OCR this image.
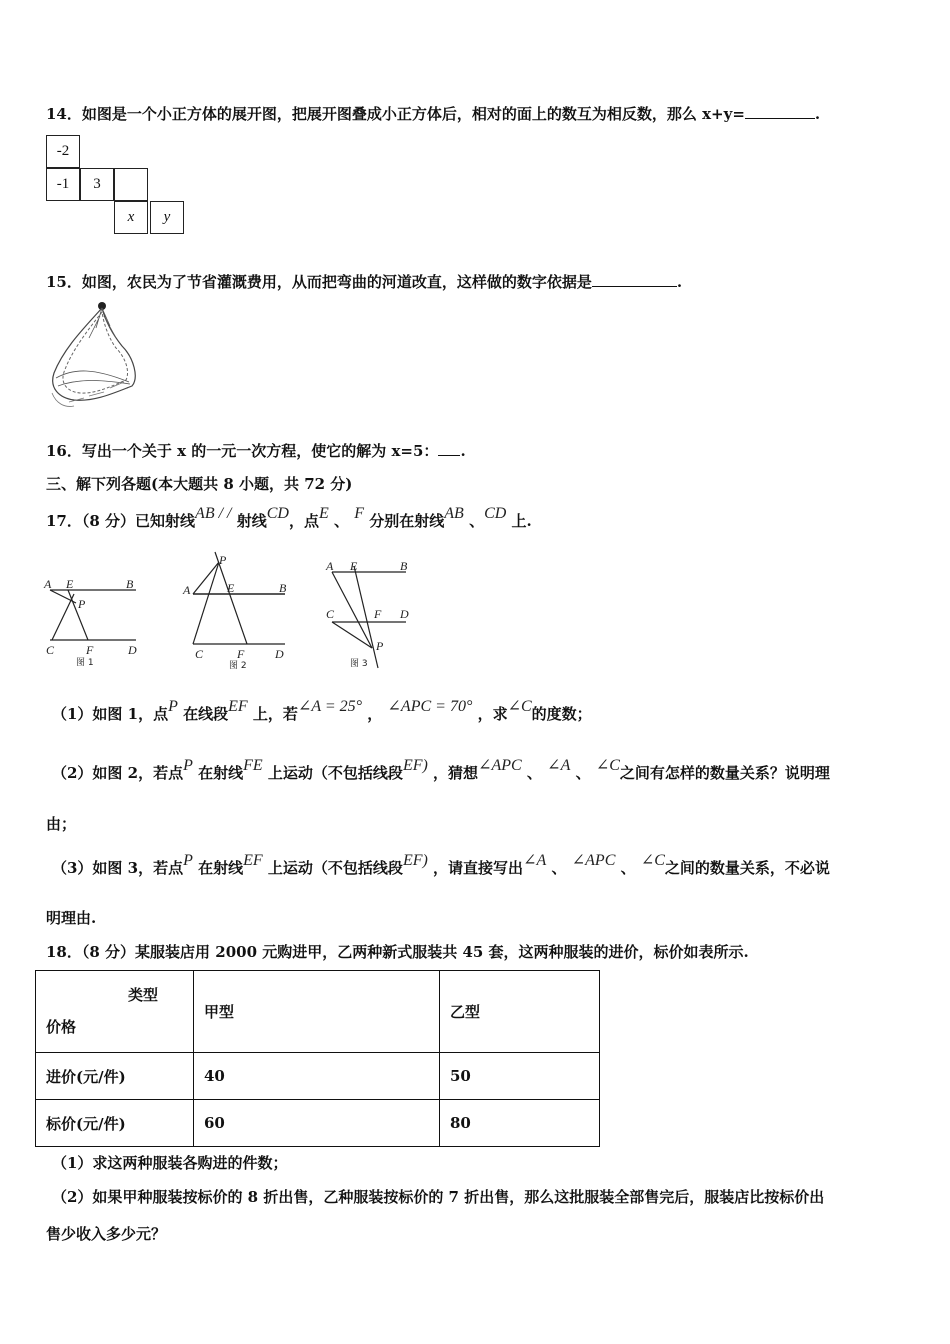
14．如图是一个小正方体的展开图，把展开图叠成小正方体后，相对的面上的数互为相反数，那么 x+y=	.
-2
-1	3
x	y
15．如图，农民为了节省灌溉费用，从而把弯曲的河道改直，这样做的数字依据是	.
16．写出一个关于 x 的一元一次方程，使它的解为 x=5： .
三、解下列各题(本大题共 8 小题，共 72 分)
17．（8 分）已知射线AB / / 射线CD，点E 、 F 分别在射线AB 、CD 上.
A E	B
P
C	F	D
图 1
P
A	E	B
C	F	D
图 2
A E	B
C	F D
P
图 3
（1）如图 1，点P 在线段EF 上，若∠A = 25° ， ∠APC = 70° ，求∠C的度数；
（2）如图 2，若点P 在射线FE 上运动（不包括线段EF) ，猜想∠APC 、 ∠A 、 ∠C之间有怎样的数量关系？说明理
由；
（3）如图 3，若点P 在射线EF 上运动（不包括线段EF) ，请直接写出∠A 、 ∠APC 、 ∠C之间的数量关系，不必说
明理由.
18．（8 分）某服装店用 2000 元购进甲，乙两种新式服装共 45 套，这两种服装的进价，标价如表所示.
类型
价格	甲型	乙型
进价(元/件)	40	50
标价(元/件)	60	80
（1）求这两种服装各购进的件数；
（2）如果甲种服装按标价的 8 折出售，乙种服装按标价的 7 折出售，那么这批服装全部售完后，服装店比按标价出
售少收入多少元？
